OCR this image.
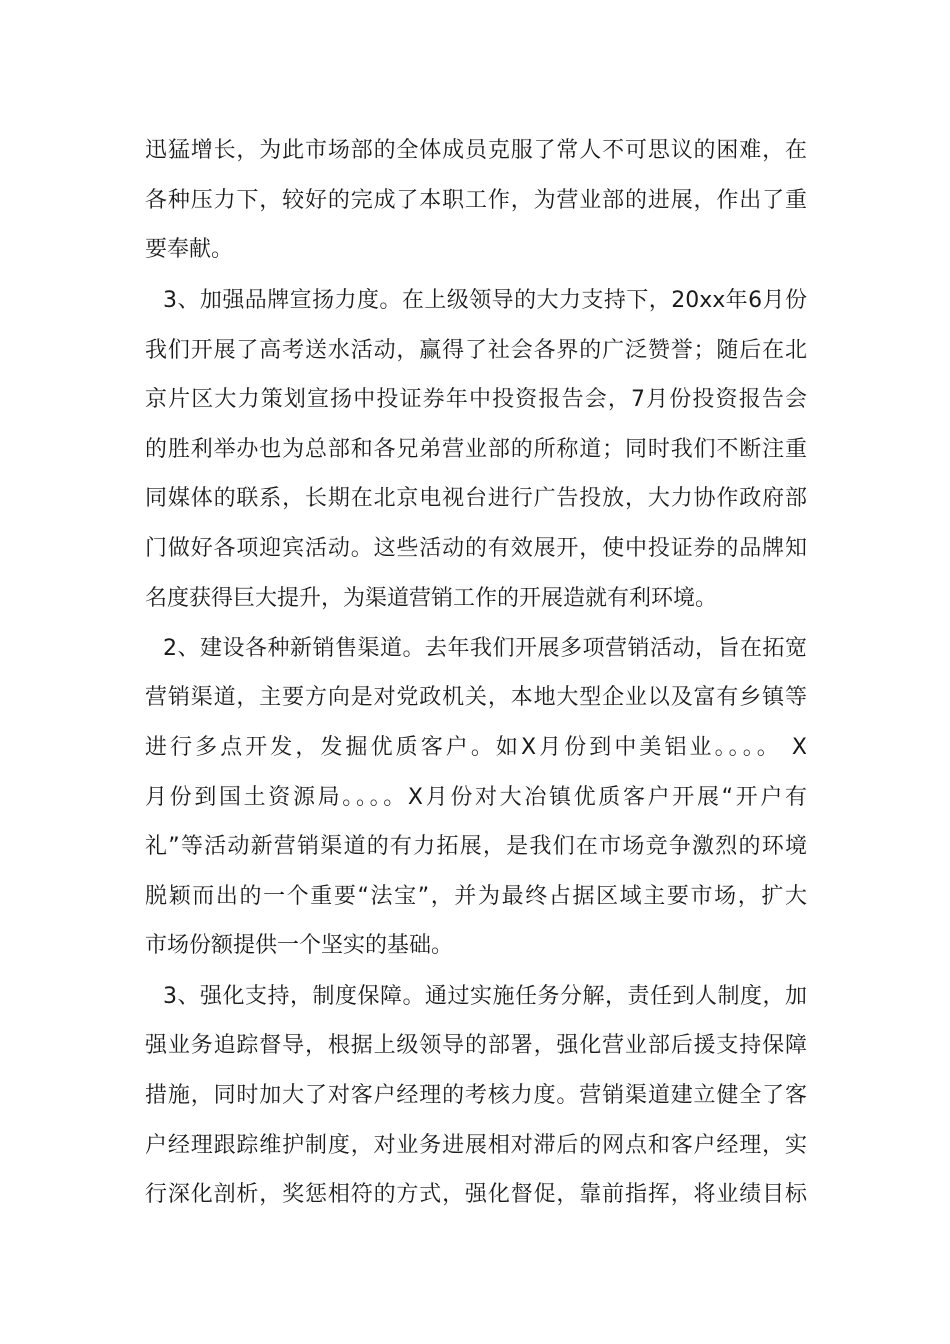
迅猛增长，为此市场部的全体成员克服了常人不可思议的困难，在
各种压力下，较好的完成了本职工作，为营业部的进展，作出了重
要奉献。
3、加强品牌宣扬力度。在上级领导的大力支持下，20xx年6月份
我们开展了高考送水活动，赢得了社会各界的广泛赞誉；随后在北
京片区大力策划宣扬中投证券年中投资报告会，7月份投资报告会
的胜利举办也为总部和各兄弟营业部的所称道；同时我们不断注重
同媒体的联系，长期在北京电视台进行广告投放，大力协作政府部
门做好各项迎宾活动。这些活动的有效展开，使中投证券的品牌知
名度获得巨大提升，为渠道营销工作的开展造就有利环境。
2、建设各种新销售渠道。去年我们开展多项营销活动，旨在拓宽
营销渠道，主要方向是对党政机关，本地大型企业以及富有乡镇等
进行多点开发，发掘优质客户。如X月份到中美铝业。。。。 X
月份到国土资源局。。。。X月份对大冶镇优质客户开展“开户有
礼”等活动新营销渠道的有力拓展，是我们在市场竞争激烈的环境
脱颖而出的一个重要“法宝”，并为最终占据区域主要市场，扩大
市场份额提供一个坚实的基础。
3、强化支持，制度保障。通过实施任务分解，责任到人制度，加
强业务追踪督导，根据上级领导的部署，强化营业部后援支持保障
措施，同时加大了对客户经理的考核力度。营销渠道建立健全了客
户经理跟踪维护制度，对业务进展相对滞后的网点和客户经理，实
行深化剖析，奖惩相符的方式，强化督促，靠前指挥，将业绩目标
